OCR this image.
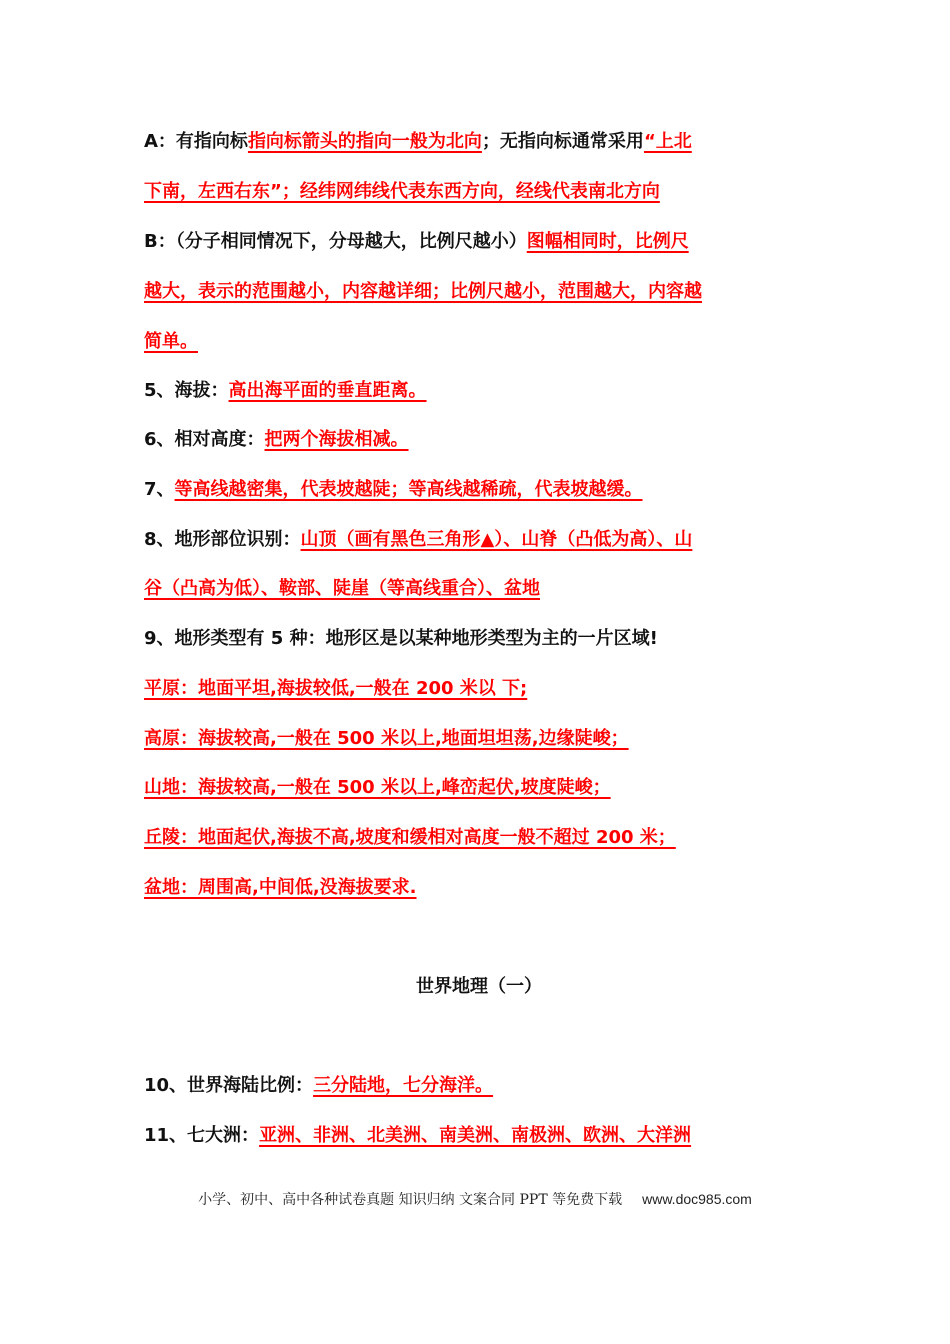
A：有指向标指向标箭头的指向一般为北向；无指向标通常采用“上北
下南，左西右东”；经纬网纬线代表东西方向，经线代表南北方向
B：（分子相同情况下，分母越大，比例尺越小）图幅相同时，比例尺
越大，表示的范围越小，内容越详细；比例尺越小，范围越大，内容越
简单。
5、海拔：高出海平面的垂直距离。
6、相对高度：把两个海拔相减。
7、等高线越密集，代表坡越陡；等高线越稀疏，代表坡越缓。
8、地形部位识别：山顶（画有黑色三角形▲）、山脊（凸低为高）、山
谷（凸高为低）、鞍部、陡崖（等高线重合）、盆地
9、地形类型有 5 种：地形区是以某种地形类型为主的一片区域!
平原：地面平坦,海拔较低,一般在 200 米以 下;
高原：海拔较高,一般在 500 米以上,地面坦坦荡,边缘陡峻；
山地：海拔较高,一般在 500 米以上,峰峦起伏,坡度陡峻；
丘陵：地面起伏,海拔不高,坡度和缓相对高度一般不超过 200 米；
盆地：周围高,中间低,没海拔要求.
世界地理（一）
10、世界海陆比例：三分陆地，七分海洋。
11、七大洲：亚洲、非洲、北美洲、南美洲、南极洲、欧洲、大洋洲
小学、初中、高中各种试卷真题 知识归纳 文案合同 PPT 等免费下载 www.doc985.com
